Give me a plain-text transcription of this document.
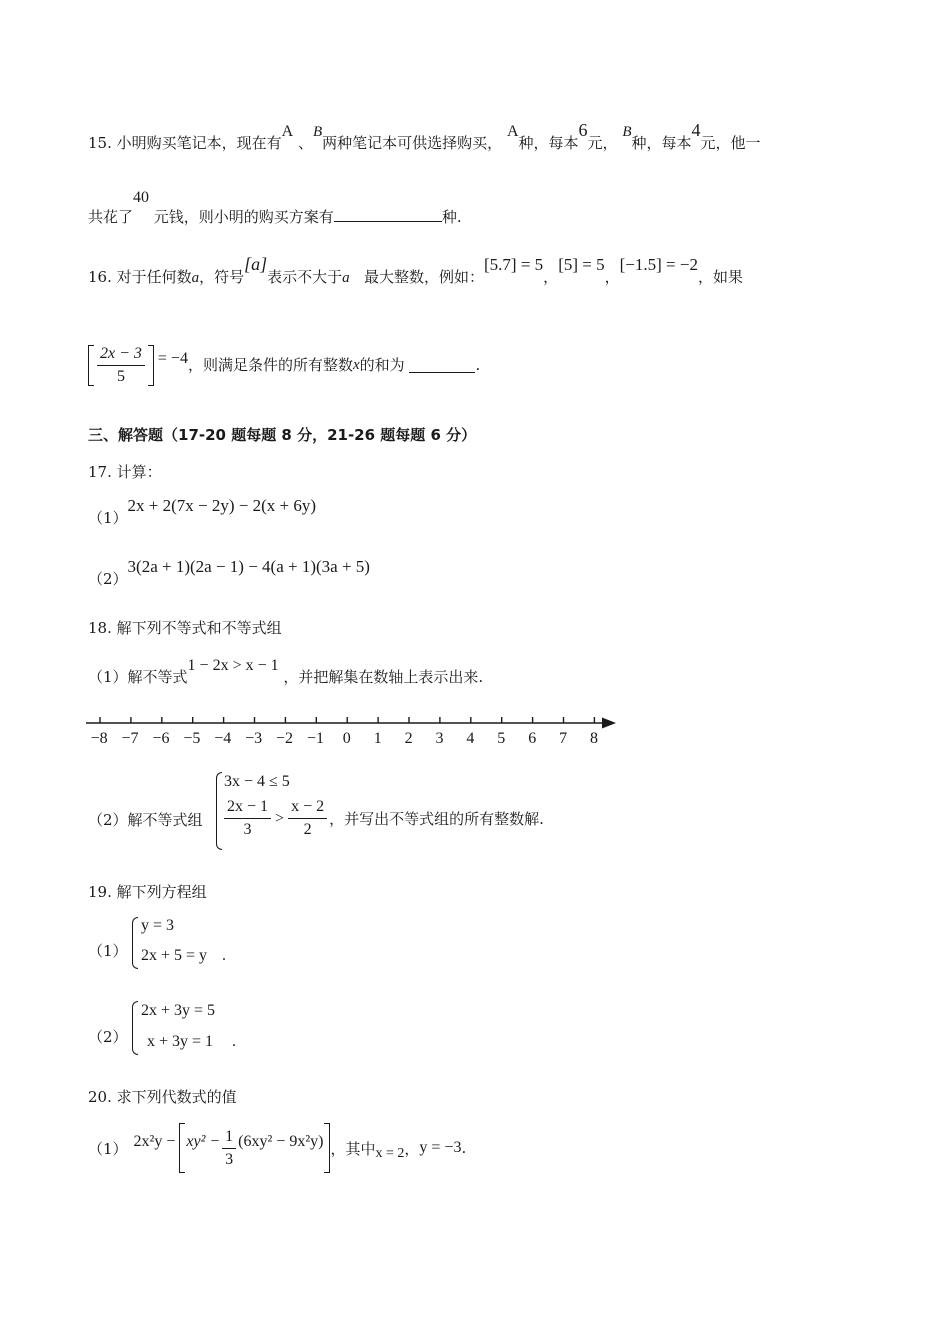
15. 小明购买笔记本，现在有A 、B两种笔记本可供选择购买， A种，每本6元， B种，每本4元，他一
共花了40 元钱，则小明的购买方案有	种.
16. 对于任何数a，符号[a]表示不大于a 最大整数，例如：[5.7] = 5，[5] = 5，[−1.5] = −2，如果
$\frac{2x - 3}{5} = -4$ ，则满足条件的所有整数 x 的和为
	.
三、解答题（17-20 题每题 8 分，21-26 题每题 6 分）
17. 计算：
（1）2x + 2(7x − 2y) − 2(x + 6y)
（2）3(2a + 1)(2a − 1) − 4(a + 1)(3a + 5)
18. 解下列不等式和不等式组
（1）解不等式1 − 2x > x − 1 ，并把解集在数轴上表示出来.
−8 −7 −6 −5 −4 −3 −2 −1 0 1 2 3 4 5 6 7 8
（2）解不等式组
3x − 4 ≤ 5
$\frac{2x - 1}{3} > \frac{x - 2}{2}$ ，并写出不等式组的所有整数解.
19. 解下列方程组
（1）
y = 3
2x + 5 = y .
（2）
2x + 3y = 5
x + 3y = 1 .
20. 求下列代数式的值
（1） $2x^2y - xy^2 - \frac{1}{3} (6xy^2 - 9x^2y)$ ，其中 x = 2 ， y = −3 .
